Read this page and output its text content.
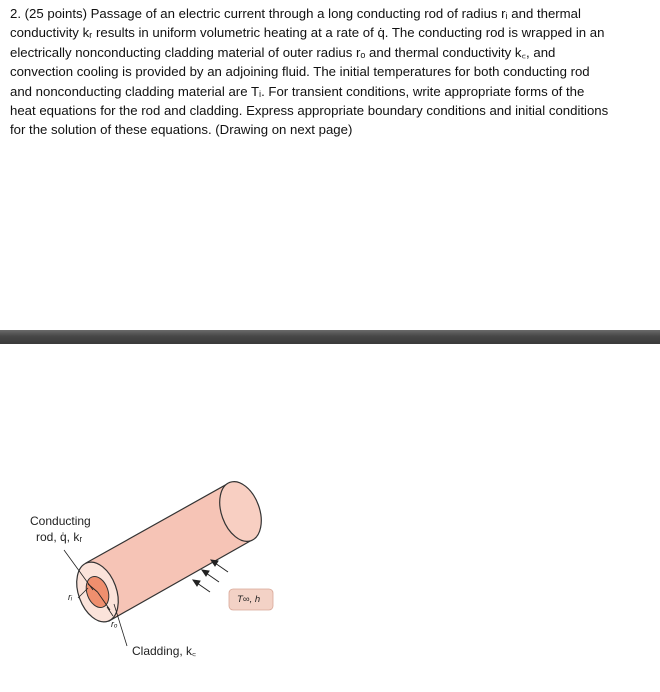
2. (25 points) Passage of an electric current through a long conducting rod of radius rᵢ and thermal
conductivity kᵣ results in uniform volumetric heating at a rate of q̇. The conducting rod is wrapped in an
electrically nonconducting cladding material of outer radius rₒ and thermal conductivity k꜀, and
convection cooling is provided by an adjoining fluid. The initial temperatures for both conducting rod
and nonconducting cladding material are Tᵢ. For transient conditions, write appropriate forms of the
heat equations for the rod and cladding. Express appropriate boundary conditions and initial conditions
for the solution of these equations. (Drawing on next page)

Conducting
rod, q̇, kᵣ
rᵢ
rₒ
T∞, h
Cladding, k꜀
